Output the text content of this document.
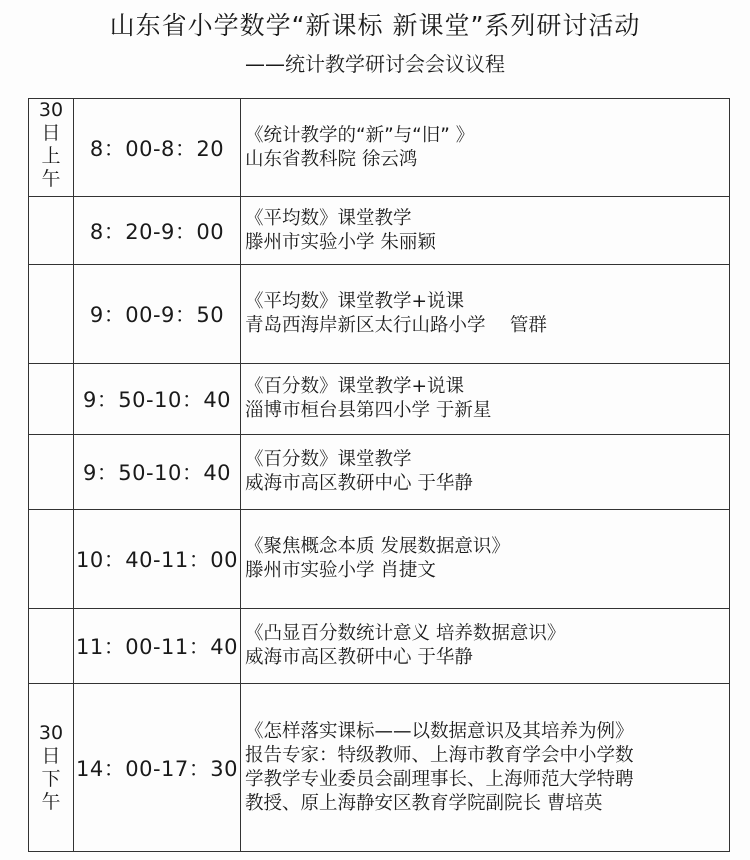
山东省小学数学“新课标 新课堂”系列研讨活动
——统计教学研讨会会议议程
30
日
上
午	8：00-8：20	《统计教学的“新”与“旧” 》
山东省教科院 徐云鸿

	8：20-9：00	《平均数》课堂教学
滕州市实验小学 朱丽颖

	9：00-9：50	《平均数》课堂教学+说课
青岛西海岸新区太行山路小学　 管群

	9：50-10：40	《百分数》课堂教学+说课
淄博市桓台县第四小学 于新星

	9：50-10：40	《百分数》课堂教学
威海市高区教研中心 于华静

	10：40-11：00	《聚焦概念本质 发展数据意识》
滕州市实验小学 肖捷文

	11：00-11：40	《凸显百分数统计意义 培养数据意识》
威海市高区教研中心 于华静

30
日
下
午	14：00-17：30	《怎样落实课标——以数据意识及其培养为例》
报告专家：特级教师、上海市教育学会中小学数
学教学专业委员会副理事长、上海师范大学特聘
教授、原上海静安区教育学院副院长 曹培英
